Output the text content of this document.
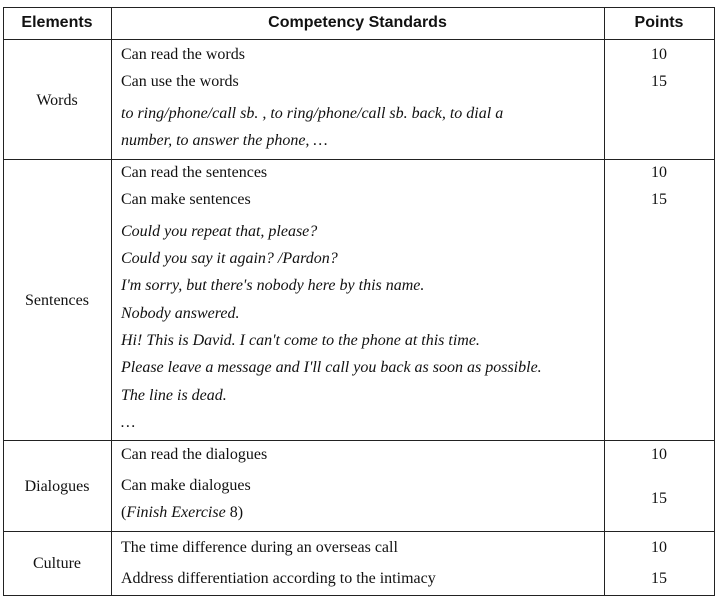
Elements	Competency Standards	Points
Words
Can read the words
Can use the words
10
15
to ring/phone/call sb. , to ring/phone/call sb. back, to dial a
number, to answer the phone, …
Sentences
Can read the sentences
Can make sentences
10
15
Could you repeat that, please?
Could you say it again? /Pardon?
I'm sorry, but there's nobody here by this name.
Nobody answered.
Hi! This is David. I can't come to the phone at this time.
Please leave a message and I'll call you back as soon as possible.
The line is dead.
…
Dialogues
Can read the dialogues
Can make dialogues
10
15
(Finish Exercise 8)
Culture
The time difference during an overseas call
Address differentiation according to the intimacy
10
15
